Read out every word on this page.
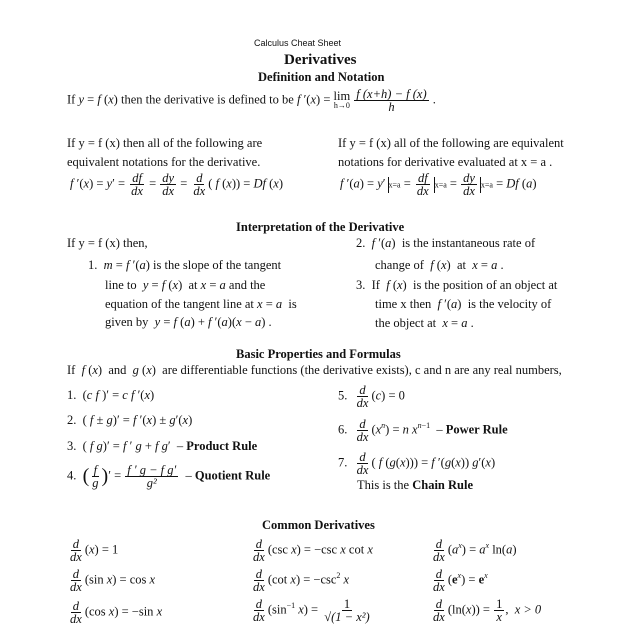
Calculus Cheat Sheet
Derivatives
Definition and Notation
If y = f (x) then the derivative is defined to be f ′(x) = lim
h→0
$\frac{f (x+h) - f (x)}{h}$ .
If y = f (x) then all of the following are
equivalent notations for the derivative.
f $'(x) = y' = \frac{df}{dx} = \frac{dy}{dx} = \frac{d}{dx}$ ( f (x)) = Df (x)
If y = f (x) all of the following are equivalent
notations for derivative evaluated at x = a .
f ′(a) = y′ $x=a = \frac{df}{dx} x=a = \frac{dy}{dx} x=a = Df$ (a)
Interpretation of the Derivative
If y = f (x) then,
1. m = f ′(a) is the slope of the tangent
line to y = f (x)  at x = a and the
equation of the tangent line at x = a is
given by y = f (a) + f ′(a)(x − a) .
2. f ′(a)  is the instantaneous rate of
change of f (x)  at x = a .
3. If f (x)  is the position of an object at
time x then f ′(a)  is the velocity of
the object at x = a .
Basic Properties and Formulas
If  f (x)  and  g (x)  are differentiable functions (the derivative exists), c and n are any real numbers,
1.  (c f )′ = c f ′(x)
2.  ( f ± g)′ = f ′(x) ± g′(x)
3.  ( f g)′ = f ′ g + f g′  – Product Rule
4. ( $\frac{f}{g}$ )′ = $\frac{\text{f ′ g − f g′}}{\text{g²}}$ – Quotient Rule
5. $\frac{d}{dx} (c) = 0$
6. $\frac{d}{dx} (x^n) = n$ $x^{n-1}$  – Power Rule
7. $\frac{d}{dx}$ ( f (g(x))) = f ′(g(x)) g′(x)
This is the Chain Rule
Common Derivatives
$\frac{d}{dx} (x) = 1$
$\frac{d}{dx} (\sin$ x) = cos x
$\frac{d}{dx} (\cos$ x) = −sin x
$\frac{d}{dx} (\csc$ x) = −csc x cot x
$\frac{d}{dx} (\cot$ $x) = -\csc^2$ x
$\frac{d}{dx} (\sin^{-1}$ $x) = \frac{1}{\text{√(1 − x²)}}$
$\frac{d}{dx} (a^x) = a^x$ ln(a)
$\frac{d}{dx} (e^x) = e^x$
$\frac{d}{dx} (\ln(x)) = \frac{1}{x}$ ,  x > 0
